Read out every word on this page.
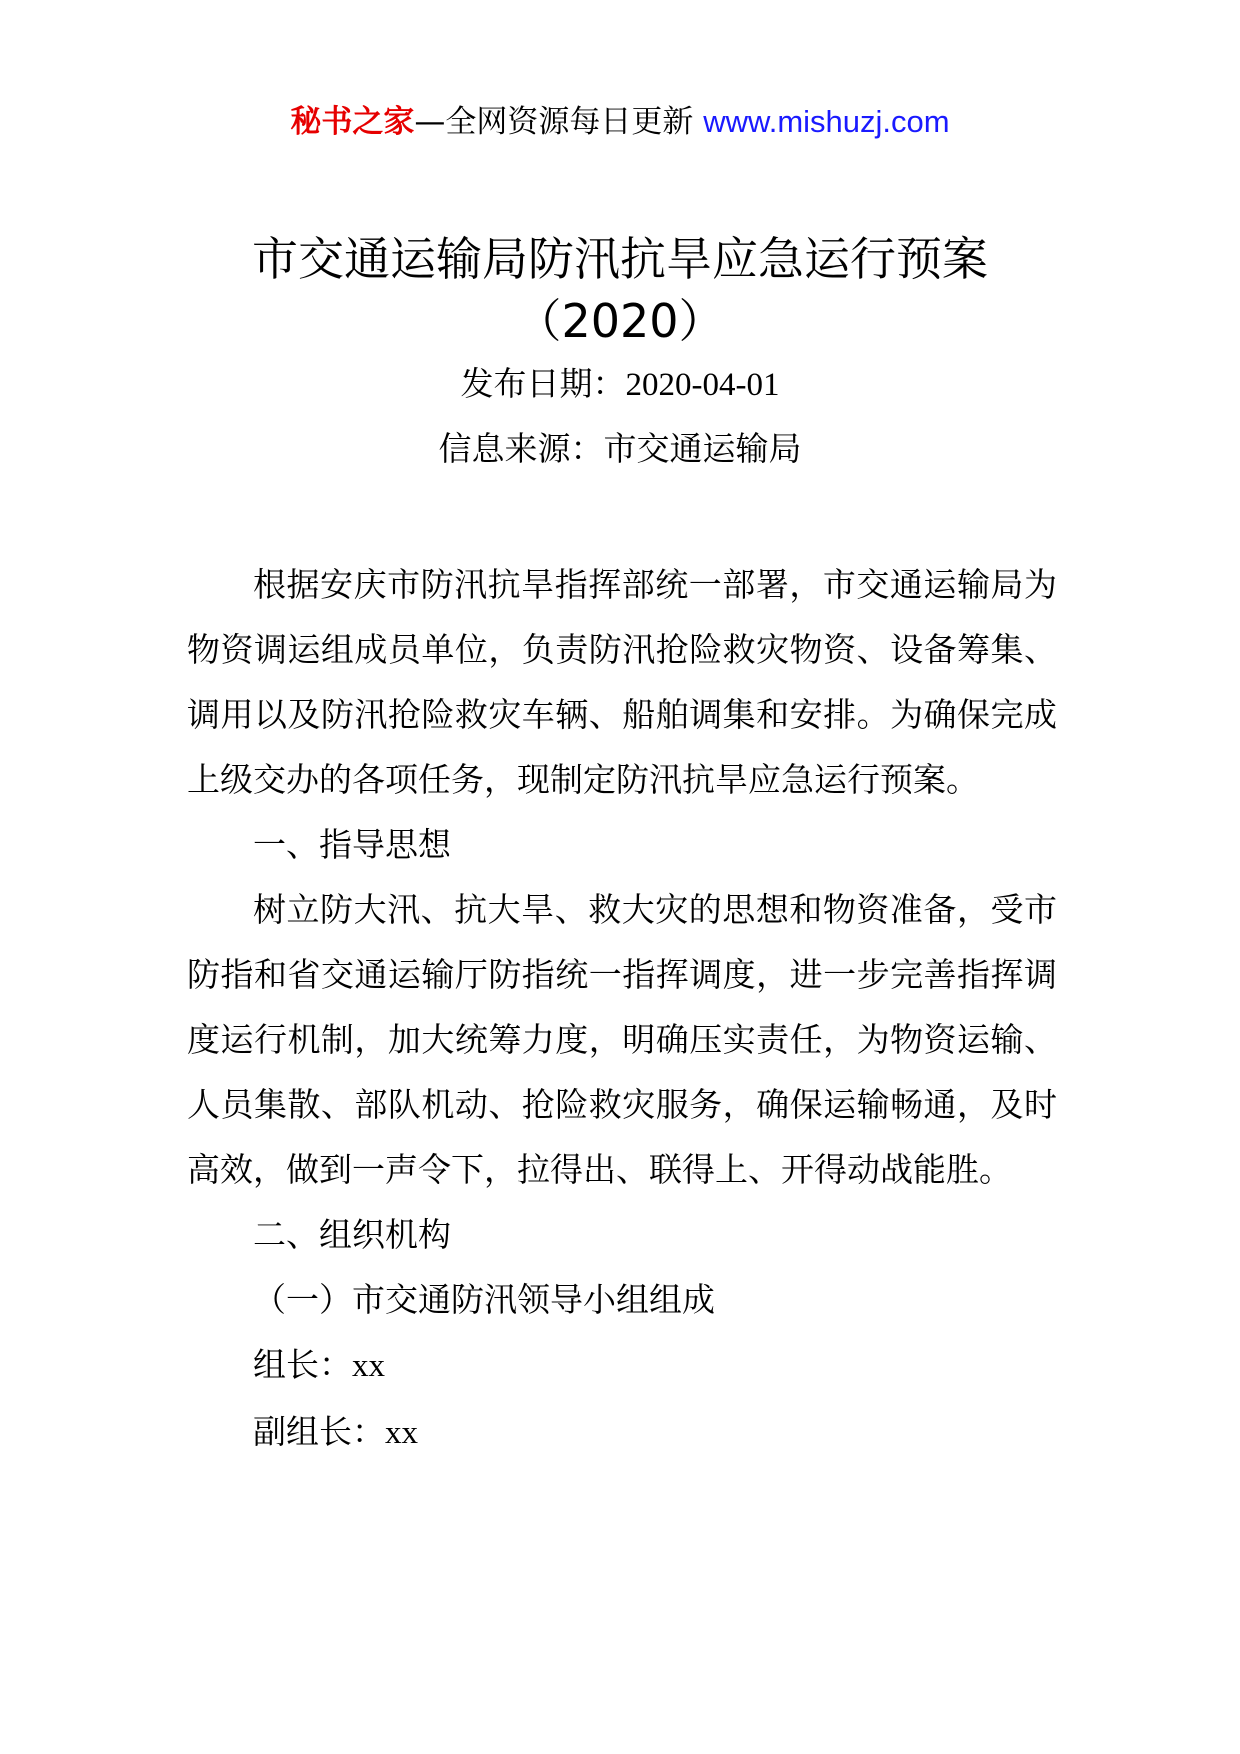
秘书之家—全网资源每日更新 www.mishuzj.com
市交通运输局防汛抗旱应急运行预案
（2020）
发布日期：2020-04-01
信息来源：市交通运输局

根据安庆市防汛抗旱指挥部统一部署，市交通运输局为物资调运组成员单位，负责防汛抢险救灾物资、设备筹集、调用以及防汛抢险救灾车辆、船舶调集和安排。为确保完成上级交办的各项任务，现制定防汛抗旱应急运行预案。

一、指导思想

树立防大汛、抗大旱、救大灾的思想和物资准备，受市防指和省交通运输厅防指统一指挥调度，进一步完善指挥调度运行机制，加大统筹力度，明确压实责任，为物资运输、人员集散、部队机动、抢险救灾服务，确保运输畅通，及时高效，做到一声令下，拉得出、联得上、开得动战能胜。

二、组织机构

（一）市交通防汛领导小组组成

组长：xx

副组长：xx
